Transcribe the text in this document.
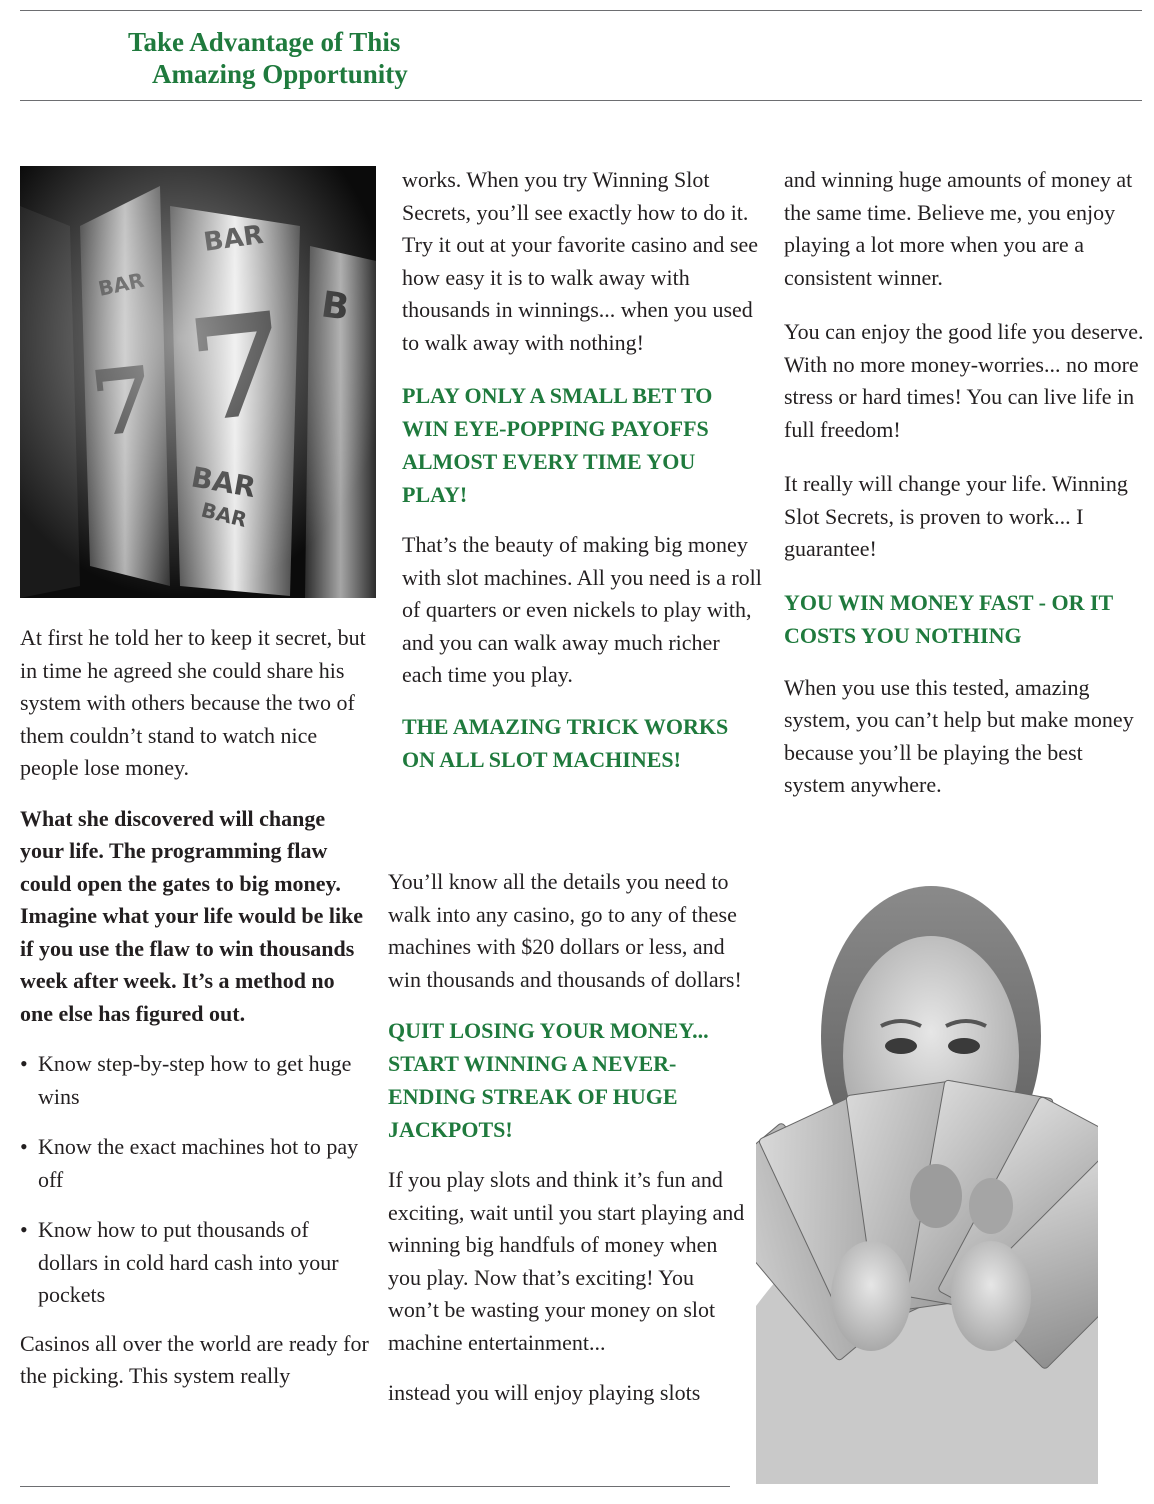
Take Advantage of This
Amazing Opportunity

At first he told her to keep it secret, but in time he agreed she could share his system with others because the two of them couldn’t stand to watch nice people lose money.

What she discovered will change your life. The programming flaw could open the gates to big money. Imagine what your life would be like if you use the flaw to win thousands week after week. It’s a method no one else has figured out.

• Know step-by-step how to get huge wins
• Know the exact machines hot to pay off
• Know how to put thousands of dollars in cold hard cash into your pockets

Casinos all over the world are ready for the picking. This system really

works. When you try Winning Slot Secrets, you’ll see exactly how to do it. Try it out at your favorite casino and see how easy it is to walk away with thousands in winnings... when you used to walk away with nothing!

PLAY ONLY A SMALL BET TO WIN EYE-POPPING PAYOFFS ALMOST EVERY TIME YOU PLAY!

That’s the beauty of making big money with slot machines. All you need is a roll of quarters or even nickels to play with, and you can walk away much richer each time you play.

THE AMAZING TRICK WORKS ON ALL SLOT MACHINES!

You’ll know all the details you need to walk into any casino, go to any of these machines with $20 dollars or less, and win thousands and thousands of dollars!

QUIT LOSING YOUR MONEY... START WINNING A NEVER-ENDING STREAK OF HUGE JACKPOTS!

If you play slots and think it’s fun and exciting, wait until you start playing and winning big handfuls of money when you play. Now that’s exciting! You won’t be wasting your money on slot machine entertainment...

instead you will enjoy playing slots

and winning huge amounts of money at the same time. Believe me, you enjoy playing a lot more when you are a consistent winner.

You can enjoy the good life you deserve. With no more money-worries... no more stress or hard times! You can live life in full freedom!

It really will change your life. Winning Slot Secrets, is proven to work... I guarantee!

YOU WIN MONEY FAST - OR IT COSTS YOU NOTHING

When you use this tested, amazing system, you can’t help but make money because you’ll be playing the best system anywhere.
